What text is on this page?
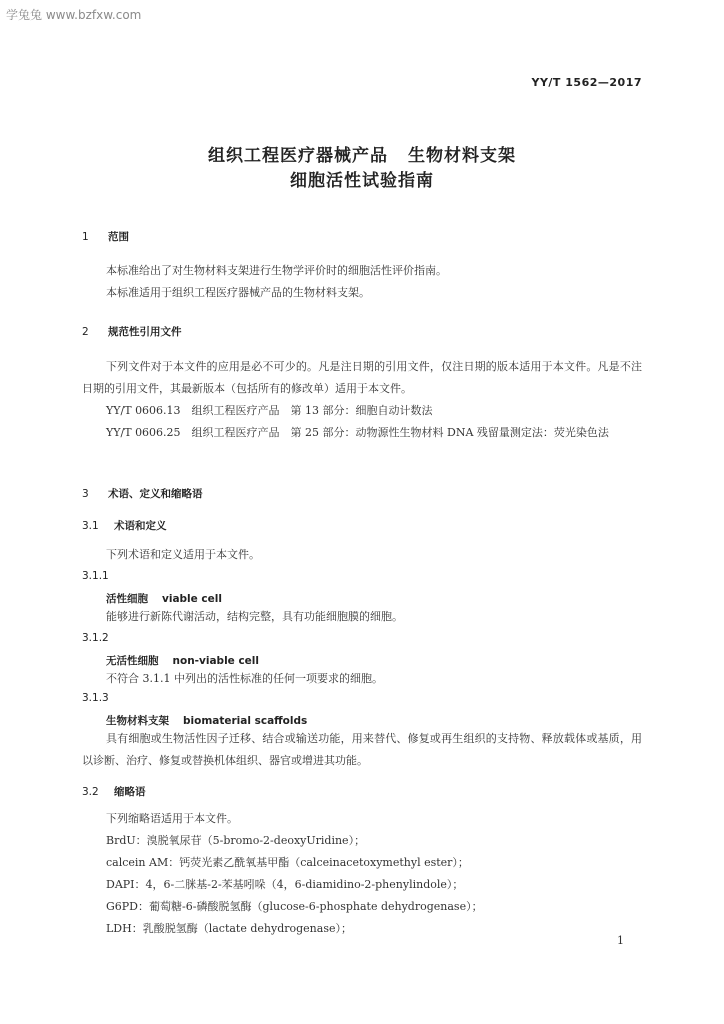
学兔兔 www.bzfxw.com
YY/T 1562—2017
组织工程医疗器械产品 生物材料支架
细胞活性试验指南
1 范围
本标准给出了对生物材料支架进行生物学评价时的细胞活性评价指南。
本标准适用于组织工程医疗器械产品的生物材料支架。
2 规范性引用文件
下列文件对于本文件的应用是必不可少的。凡是注日期的引用文件，仅注日期的版本适用于本文件。凡是不注日期的引用文件，其最新版本（包括所有的修改单）适用于本文件。
YY/T 0606.13　组织工程医疗产品　第 13 部分：细胞自动计数法
YY/T 0606.25　组织工程医疗产品　第 25 部分：动物源性生物材料 DNA 残留量测定法：荧光染色法
3 术语、定义和缩略语
3.1 术语和定义
下列术语和定义适用于本文件。
3.1.1
活性细胞 viable cell
能够进行新陈代谢活动，结构完整，具有功能细胞膜的细胞。
3.1.2
无活性细胞 non-viable cell
不符合 3.1.1 中列出的活性标准的任何一项要求的细胞。
3.1.3
生物材料支架 biomaterial scaffolds
具有细胞或生物活性因子迁移、结合或输送功能，用来替代、修复或再生组织的支持物、释放载体或基质，用以诊断、治疗、修复或替换机体组织、器官或增进其功能。
3.2 缩略语
下列缩略语适用于本文件。
BrdU：溴脱氧尿苷（5-bromo-2-deoxyUridine）；
calcein AM：钙荧光素乙酰氧基甲酯（calceinacetoxymethyl ester）；
DAPI：4，6-二脒基-2-苯基吲哚（4，6-diamidino-2-phenylindole）；
G6PD：葡萄糖-6-磷酸脱氢酶（glucose-6-phosphate dehydrogenase）；
LDH：乳酸脱氢酶（lactate dehydrogenase）；
1
